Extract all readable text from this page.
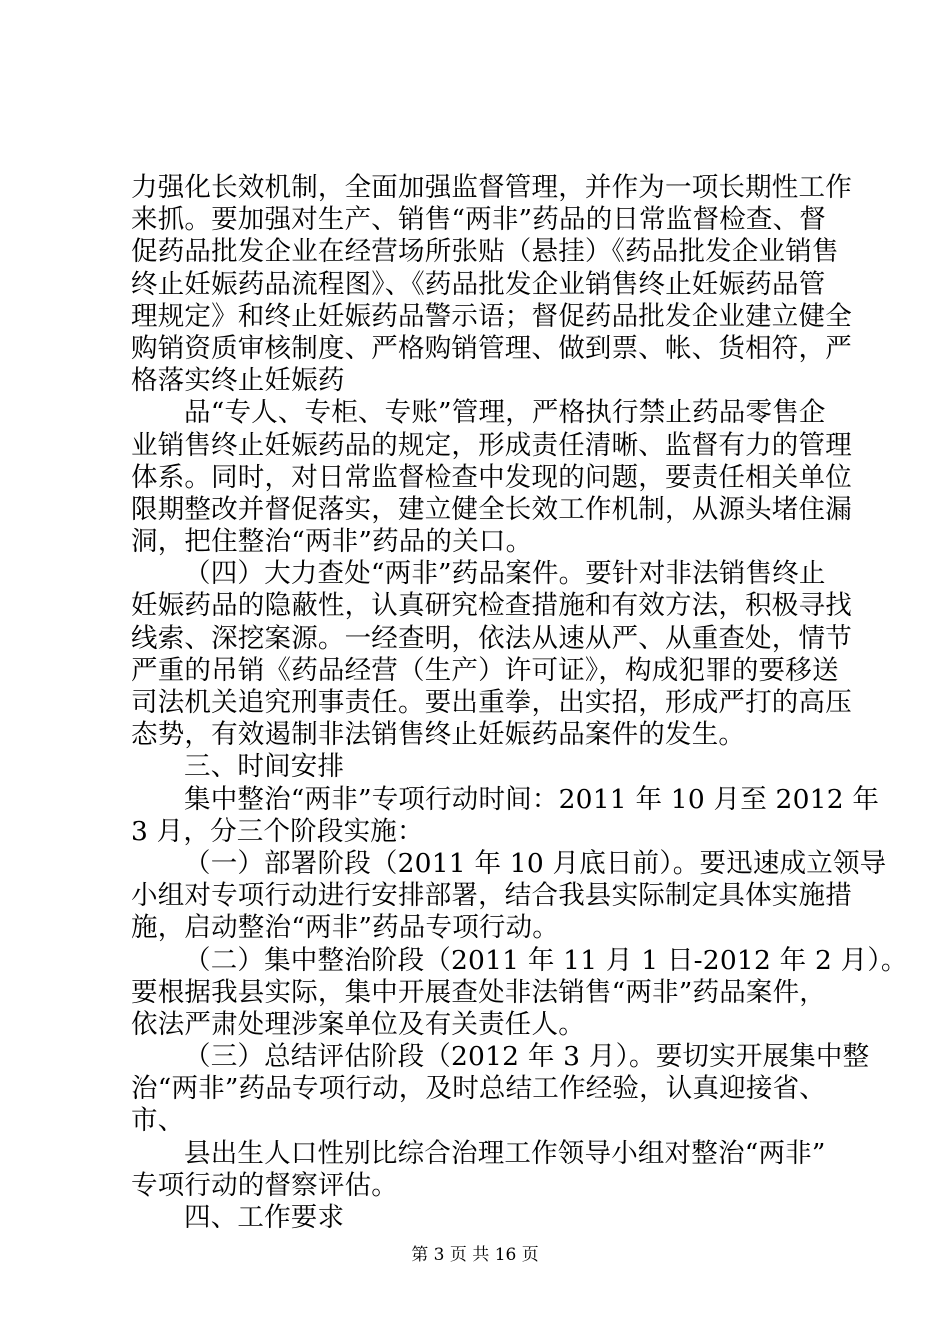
力强化长效机制，全面加强监督管理，并作为一项长期性工作
来抓。要加强对生产、销售“两非”药品的日常监督检查、督
促药品批发企业在经营场所张贴（悬挂）《药品批发企业销售
终止妊娠药品流程图》、《药品批发企业销售终止妊娠药品管
理规定》和终止妊娠药品警示语；督促药品批发企业建立健全
购销资质审核制度、严格购销管理、做到票、帐、货相符，严
格落实终止妊娠药
品“专人、专柜、专账”管理，严格执行禁止药品零售企
业销售终止妊娠药品的规定，形成责任清晰、监督有力的管理
体系。同时，对日常监督检查中发现的问题，要责任相关单位
限期整改并督促落实，建立健全长效工作机制，从源头堵住漏
洞，把住整治“两非”药品的关口。
（四）大力查处“两非”药品案件。要针对非法销售终止
妊娠药品的隐蔽性，认真研究检查措施和有效方法，积极寻找
线索、深挖案源。一经查明，依法从速从严、从重查处，情节
严重的吊销《药品经营（生产）许可证》，构成犯罪的要移送
司法机关追究刑事责任。要出重拳，出实招，形成严打的高压
态势，有效遏制非法销售终止妊娠药品案件的发生。
三、时间安排
集中整治“两非”专项行动时间：2011 年 10 月至 2012 年
3 月，分三个阶段实施：
（一）部署阶段（2011 年 10 月底日前）。要迅速成立领导
小组对专项行动进行安排部署，结合我县实际制定具体实施措
施，启动整治“两非”药品专项行动。
（二）集中整治阶段（2011 年 11 月 1 日-2012 年 2 月）。
要根据我县实际，集中开展查处非法销售“两非”药品案件，
依法严肃处理涉案单位及有关责任人。
（三）总结评估阶段（2012 年 3 月）。要切实开展集中整
治“两非”药品专项行动，及时总结工作经验，认真迎接省、
市、
县出生人口性别比综合治理工作领导小组对整治“两非”
专项行动的督察评估。
四、工作要求
第 3 页 共 16 页
